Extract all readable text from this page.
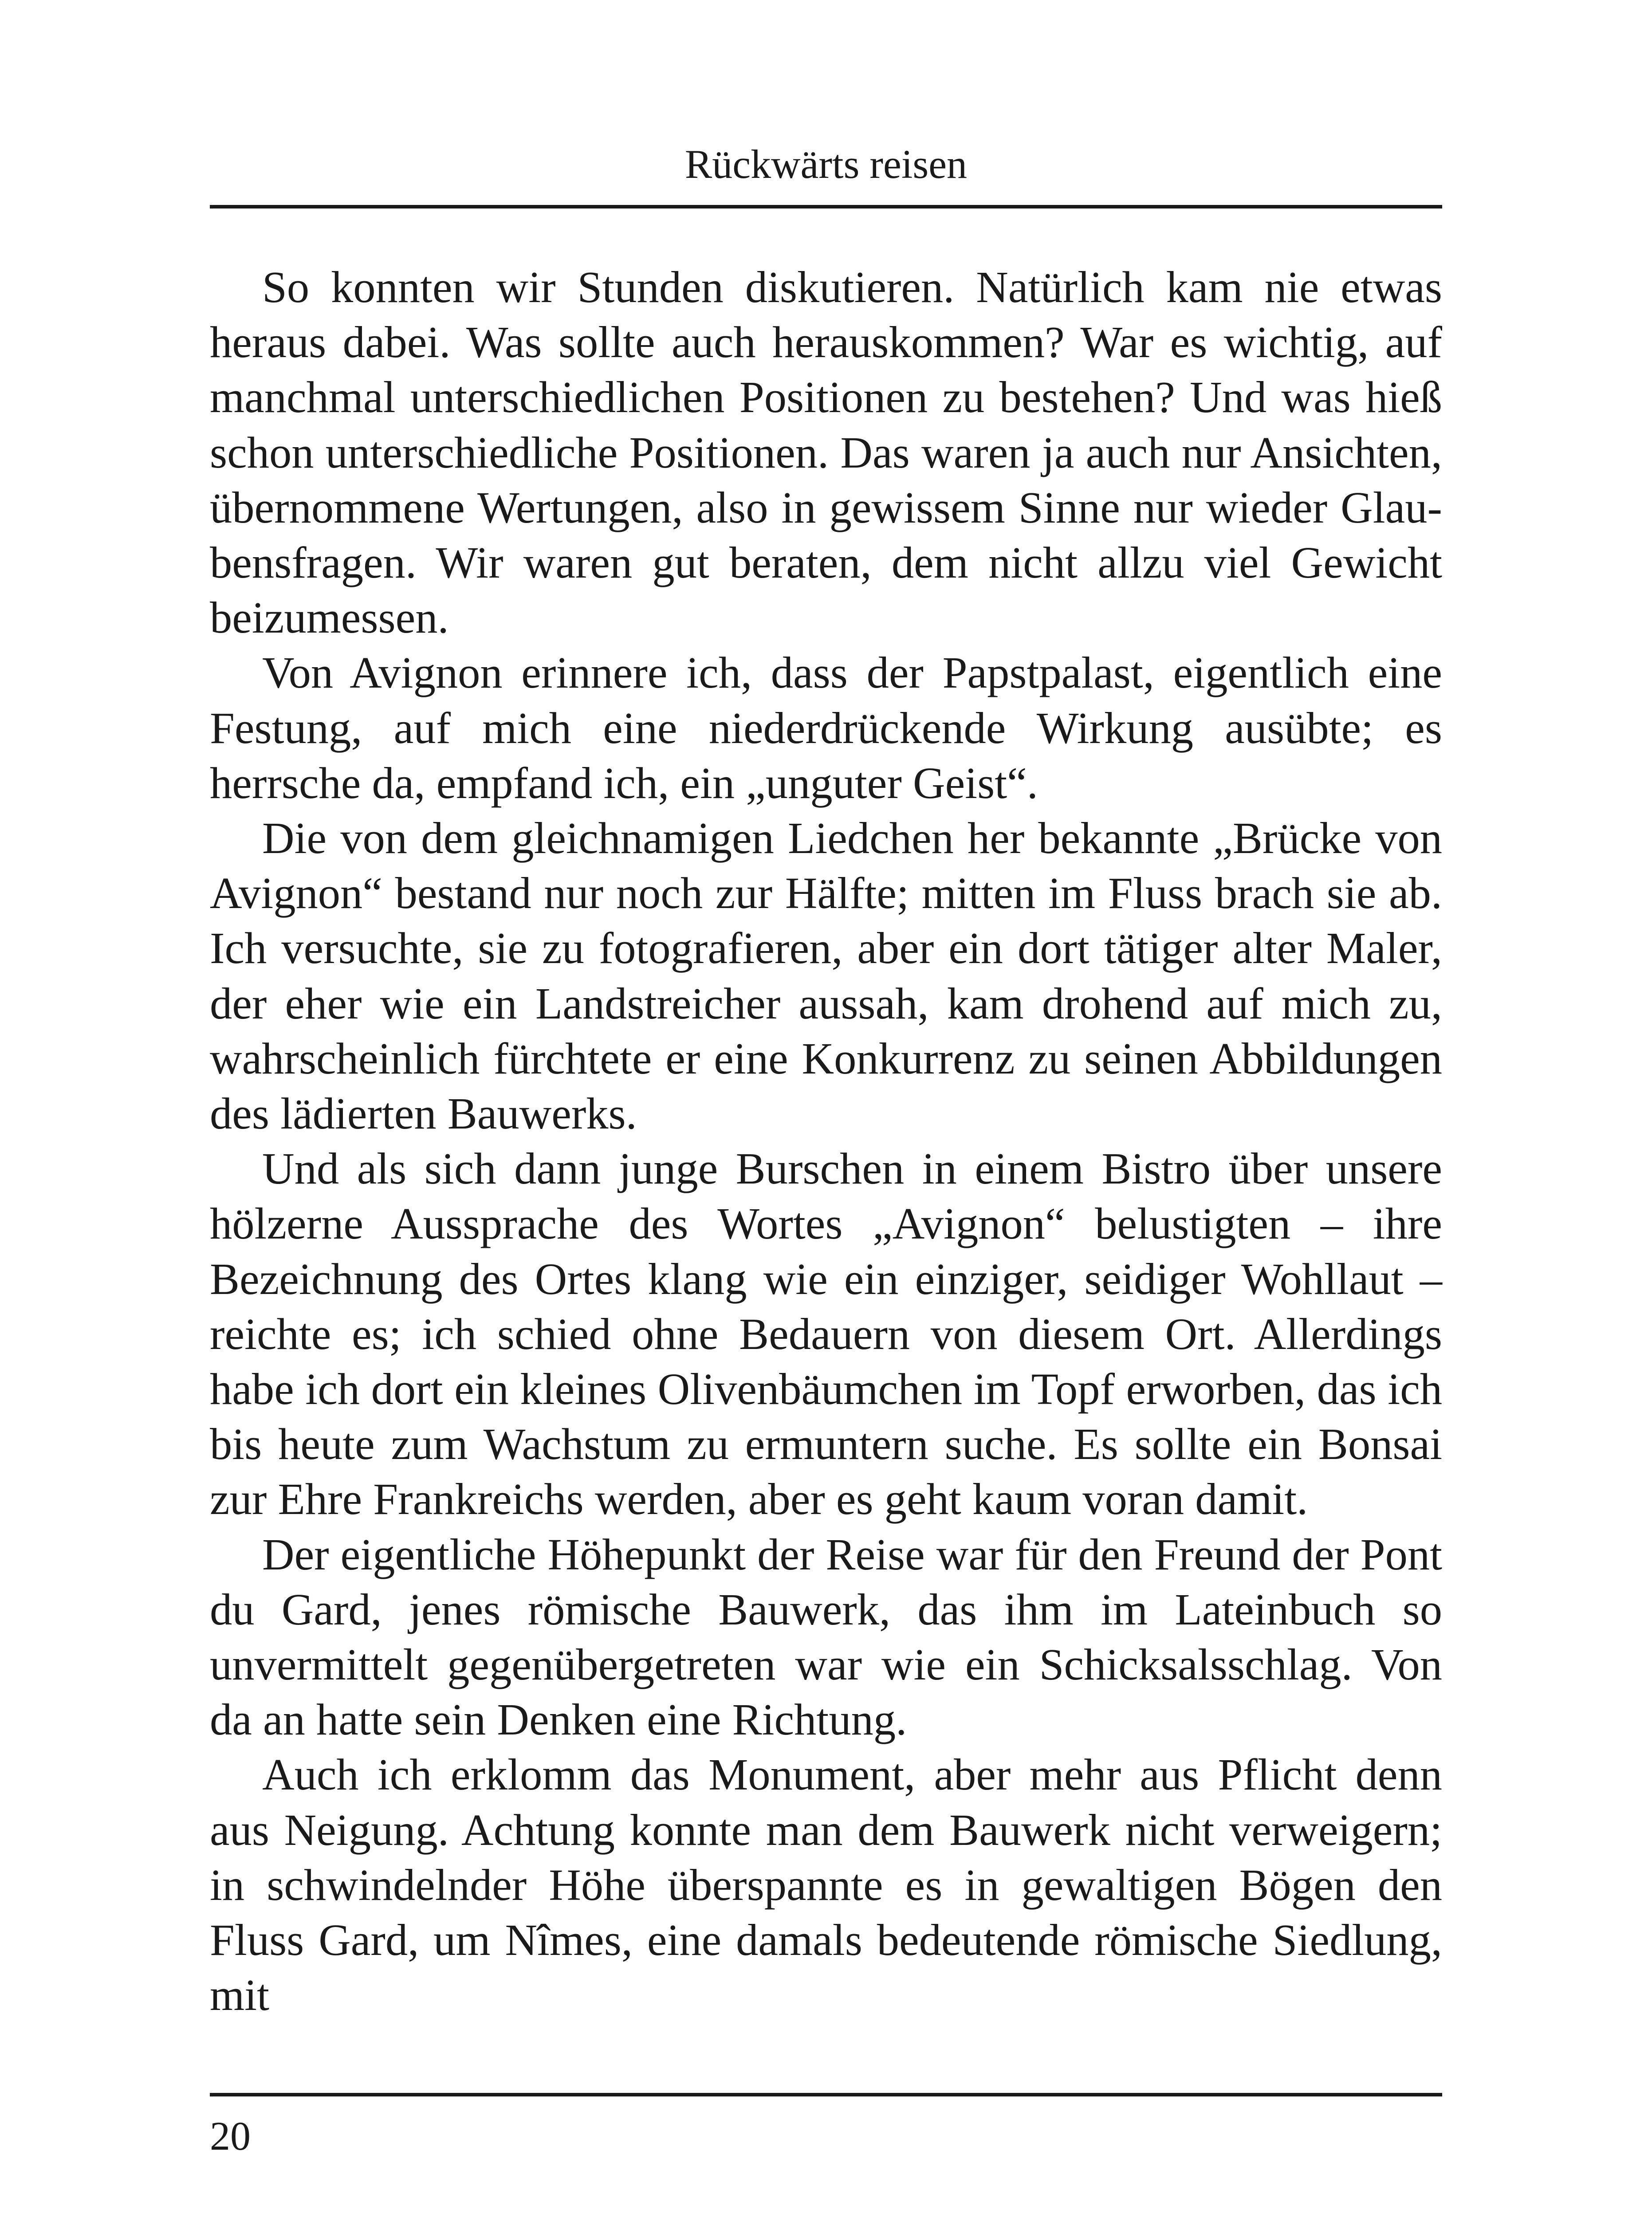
Rückwärts reisen

So konnten wir Stunden diskutieren. Natürlich kam nie etwas heraus dabei. Was sollte auch herauskommen? War es wichtig, auf manchmal unterschiedlichen Positionen zu bestehen? Und was hieß schon unterschiedliche Positionen. Das waren ja auch nur Ansichten, übernommene Wertungen, also in gewissem Sinne nur wieder Glaubensfragen. Wir waren gut beraten, dem nicht allzu viel Gewicht beizumessen.

Von Avignon erinnere ich, dass der Papstpalast, eigentlich eine Festung, auf mich eine niederdrückende Wirkung ausübte; es herrsche da, empfand ich, ein „unguter Geist“.

Die von dem gleichnamigen Liedchen her bekannte „Brücke von Avignon“ bestand nur noch zur Hälfte; mitten im Fluss brach sie ab. Ich versuchte, sie zu fotografieren, aber ein dort tätiger alter Maler, der eher wie ein Landstreicher aussah, kam drohend auf mich zu, wahrscheinlich fürchtete er eine Konkurrenz zu seinen Abbildungen des lädierten Bauwerks.

Und als sich dann junge Burschen in einem Bistro über unsere hölzerne Aussprache des Wortes „Avignon“ belustigten – ihre Bezeichnung des Ortes klang wie ein einziger, seidiger Wohllaut – reichte es; ich schied ohne Bedauern von diesem Ort. Allerdings habe ich dort ein kleines Olivenbäumchen im Topf erworben, das ich bis heute zum Wachstum zu ermuntern suche. Es sollte ein Bonsai zur Ehre Frankreichs werden, aber es geht kaum voran damit.

Der eigentliche Höhepunkt der Reise war für den Freund der Pont du Gard, jenes römische Bauwerk, das ihm im Lateinbuch so unvermittelt gegenübergetreten war wie ein Schicksalsschlag. Von da an hatte sein Denken eine Richtung.

Auch ich erklomm das Monument, aber mehr aus Pflicht denn aus Neigung. Achtung konnte man dem Bauwerk nicht verweigern; in schwindelnder Höhe überspannte es in gewaltigen Bögen den Fluss Gard, um Nîmes, eine damals bedeutende römische Siedlung, mit

20
